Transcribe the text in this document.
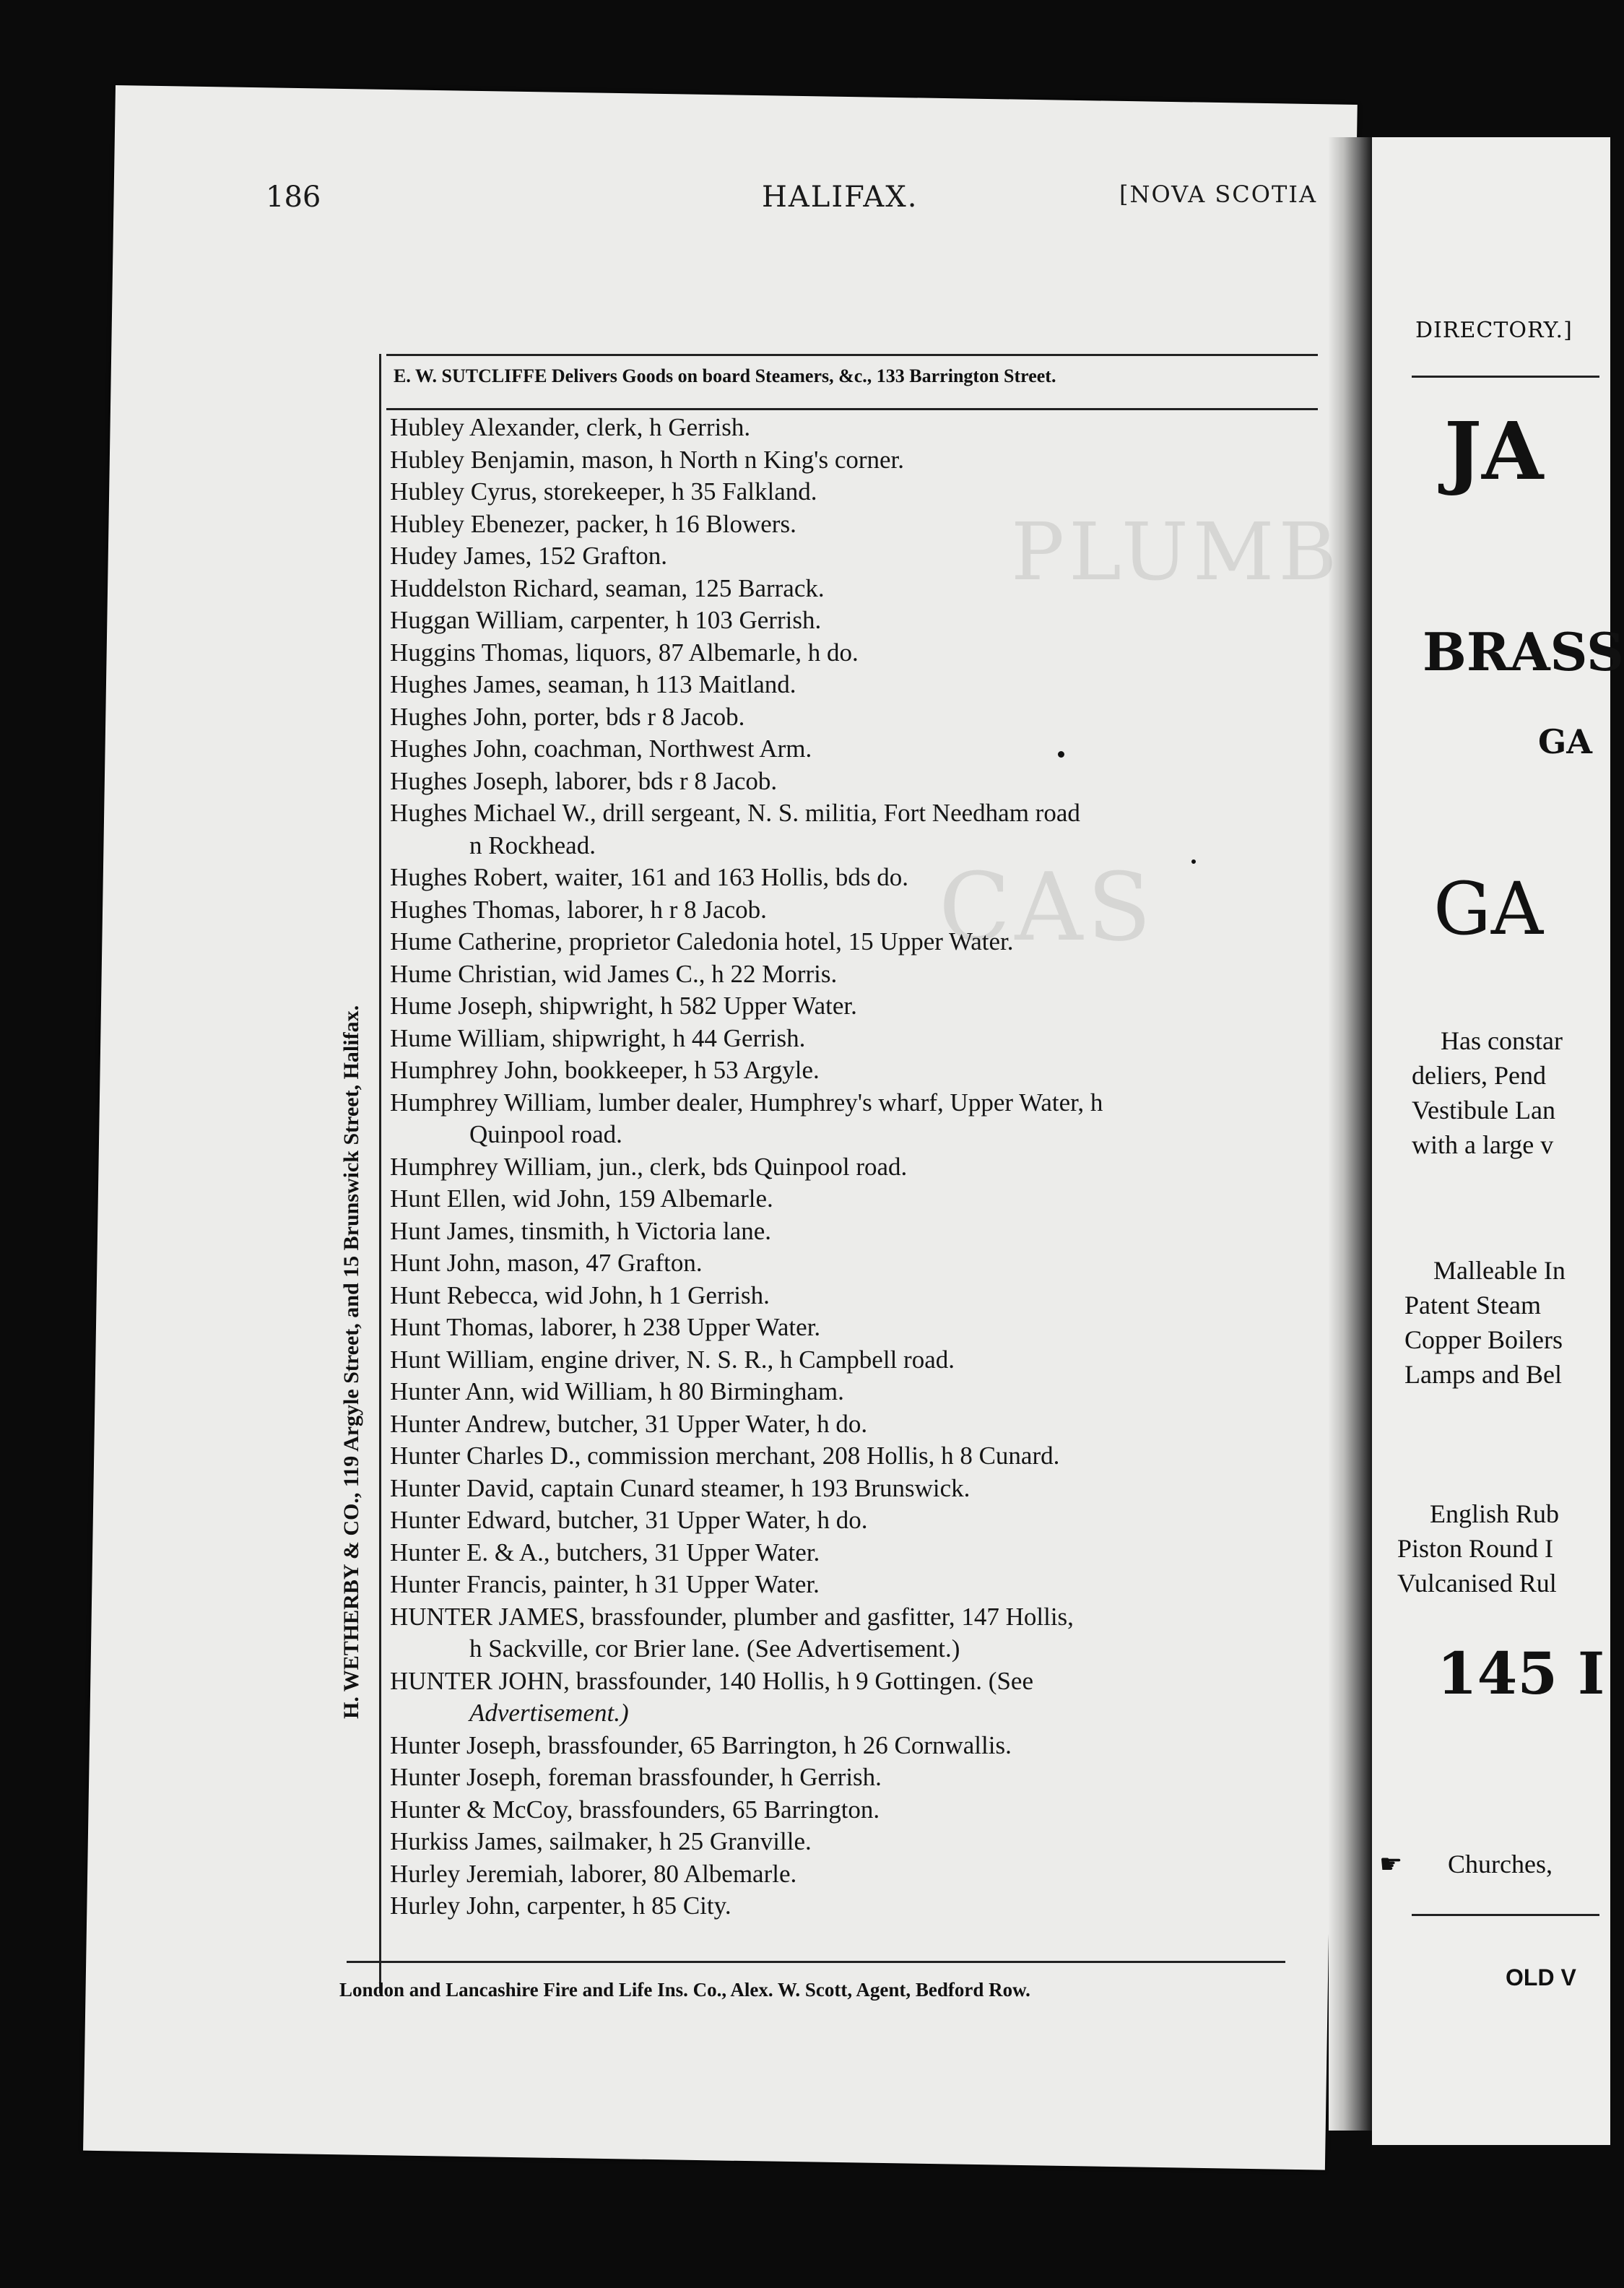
PLUMB
CAS
186	HALIFAX.	[NOVA SCOTIA
E. W. SUTCLIFFE Delivers Goods on board Steamers, &c., 133 Barrington Street.
H. WETHERBY & CO., 119 Argyle Street, and 15 Brunswick Street, Halifax.
Hubley Alexander, clerk, h Gerrish.
Hubley Benjamin, mason, h North n King's corner.
Hubley Cyrus, storekeeper, h 35 Falkland.
Hubley Ebenezer, packer, h 16 Blowers.
Hudey James, 152 Grafton.
Huddelston Richard, seaman, 125 Barrack.
Huggan William, carpenter, h 103 Gerrish.
Huggins Thomas, liquors, 87 Albemarle, h do.
Hughes James, seaman, h 113 Maitland.
Hughes John, porter, bds r 8 Jacob.
Hughes John, coachman, Northwest Arm.
Hughes Joseph, laborer, bds r 8 Jacob.
Hughes Michael W., drill sergeant, N. S. militia, Fort Needham road
n Rockhead.
Hughes Robert, waiter, 161 and 163 Hollis, bds do.
Hughes Thomas, laborer, h r 8 Jacob.
Hume Catherine, proprietor Caledonia hotel, 15 Upper Water.
Hume Christian, wid James C., h 22 Morris.
Hume Joseph, shipwright, h 582 Upper Water.
Hume William, shipwright, h 44 Gerrish.
Humphrey John, bookkeeper, h 53 Argyle.
Humphrey William, lumber dealer, Humphrey's wharf, Upper Water, h
Quinpool road.
Humphrey William, jun., clerk, bds Quinpool road.
Hunt Ellen, wid John, 159 Albemarle.
Hunt James, tinsmith, h Victoria lane.
Hunt John, mason, 47 Grafton.
Hunt Rebecca, wid John, h 1 Gerrish.
Hunt Thomas, laborer, h 238 Upper Water.
Hunt William, engine driver, N. S. R., h Campbell road.
Hunter Ann, wid William, h 80 Birmingham.
Hunter Andrew, butcher, 31 Upper Water, h do.
Hunter Charles D., commission merchant, 208 Hollis, h 8 Cunard.
Hunter David, captain Cunard steamer, h 193 Brunswick.
Hunter Edward, butcher, 31 Upper Water, h do.
Hunter E. & A., butchers, 31 Upper Water.
Hunter Francis, painter, h 31 Upper Water.
HUNTER JAMES, brassfounder, plumber and gasfitter, 147 Hollis,
h Sackville, cor Brier lane. (See Advertisement.)
HUNTER JOHN, brassfounder, 140 Hollis, h 9 Gottingen. (See
Advertisement.)
Hunter Joseph, brassfounder, 65 Barrington, h 26 Cornwallis.
Hunter Joseph, foreman brassfounder, h Gerrish.
Hunter & McCoy, brassfounders, 65 Barrington.
Hurkiss James, sailmaker, h 25 Granville.
Hurley Jeremiah, laborer, 80 Albemarle.
Hurley John, carpenter, h 85 City.
London and Lancashire Fire and Life Ins. Co., Alex. W. Scott, Agent, Bedford Row.
DIRECTORY.]
JA
BRASS
GA
GA
Has constar
deliers, Pend
Vestibule Lan
with a large v
Malleable In
Patent Steam
Copper Boilers
Lamps and Bel
English Rub
Piston Round I
Vulcanised Rul
145 I
☛ Churches,
OLD V
